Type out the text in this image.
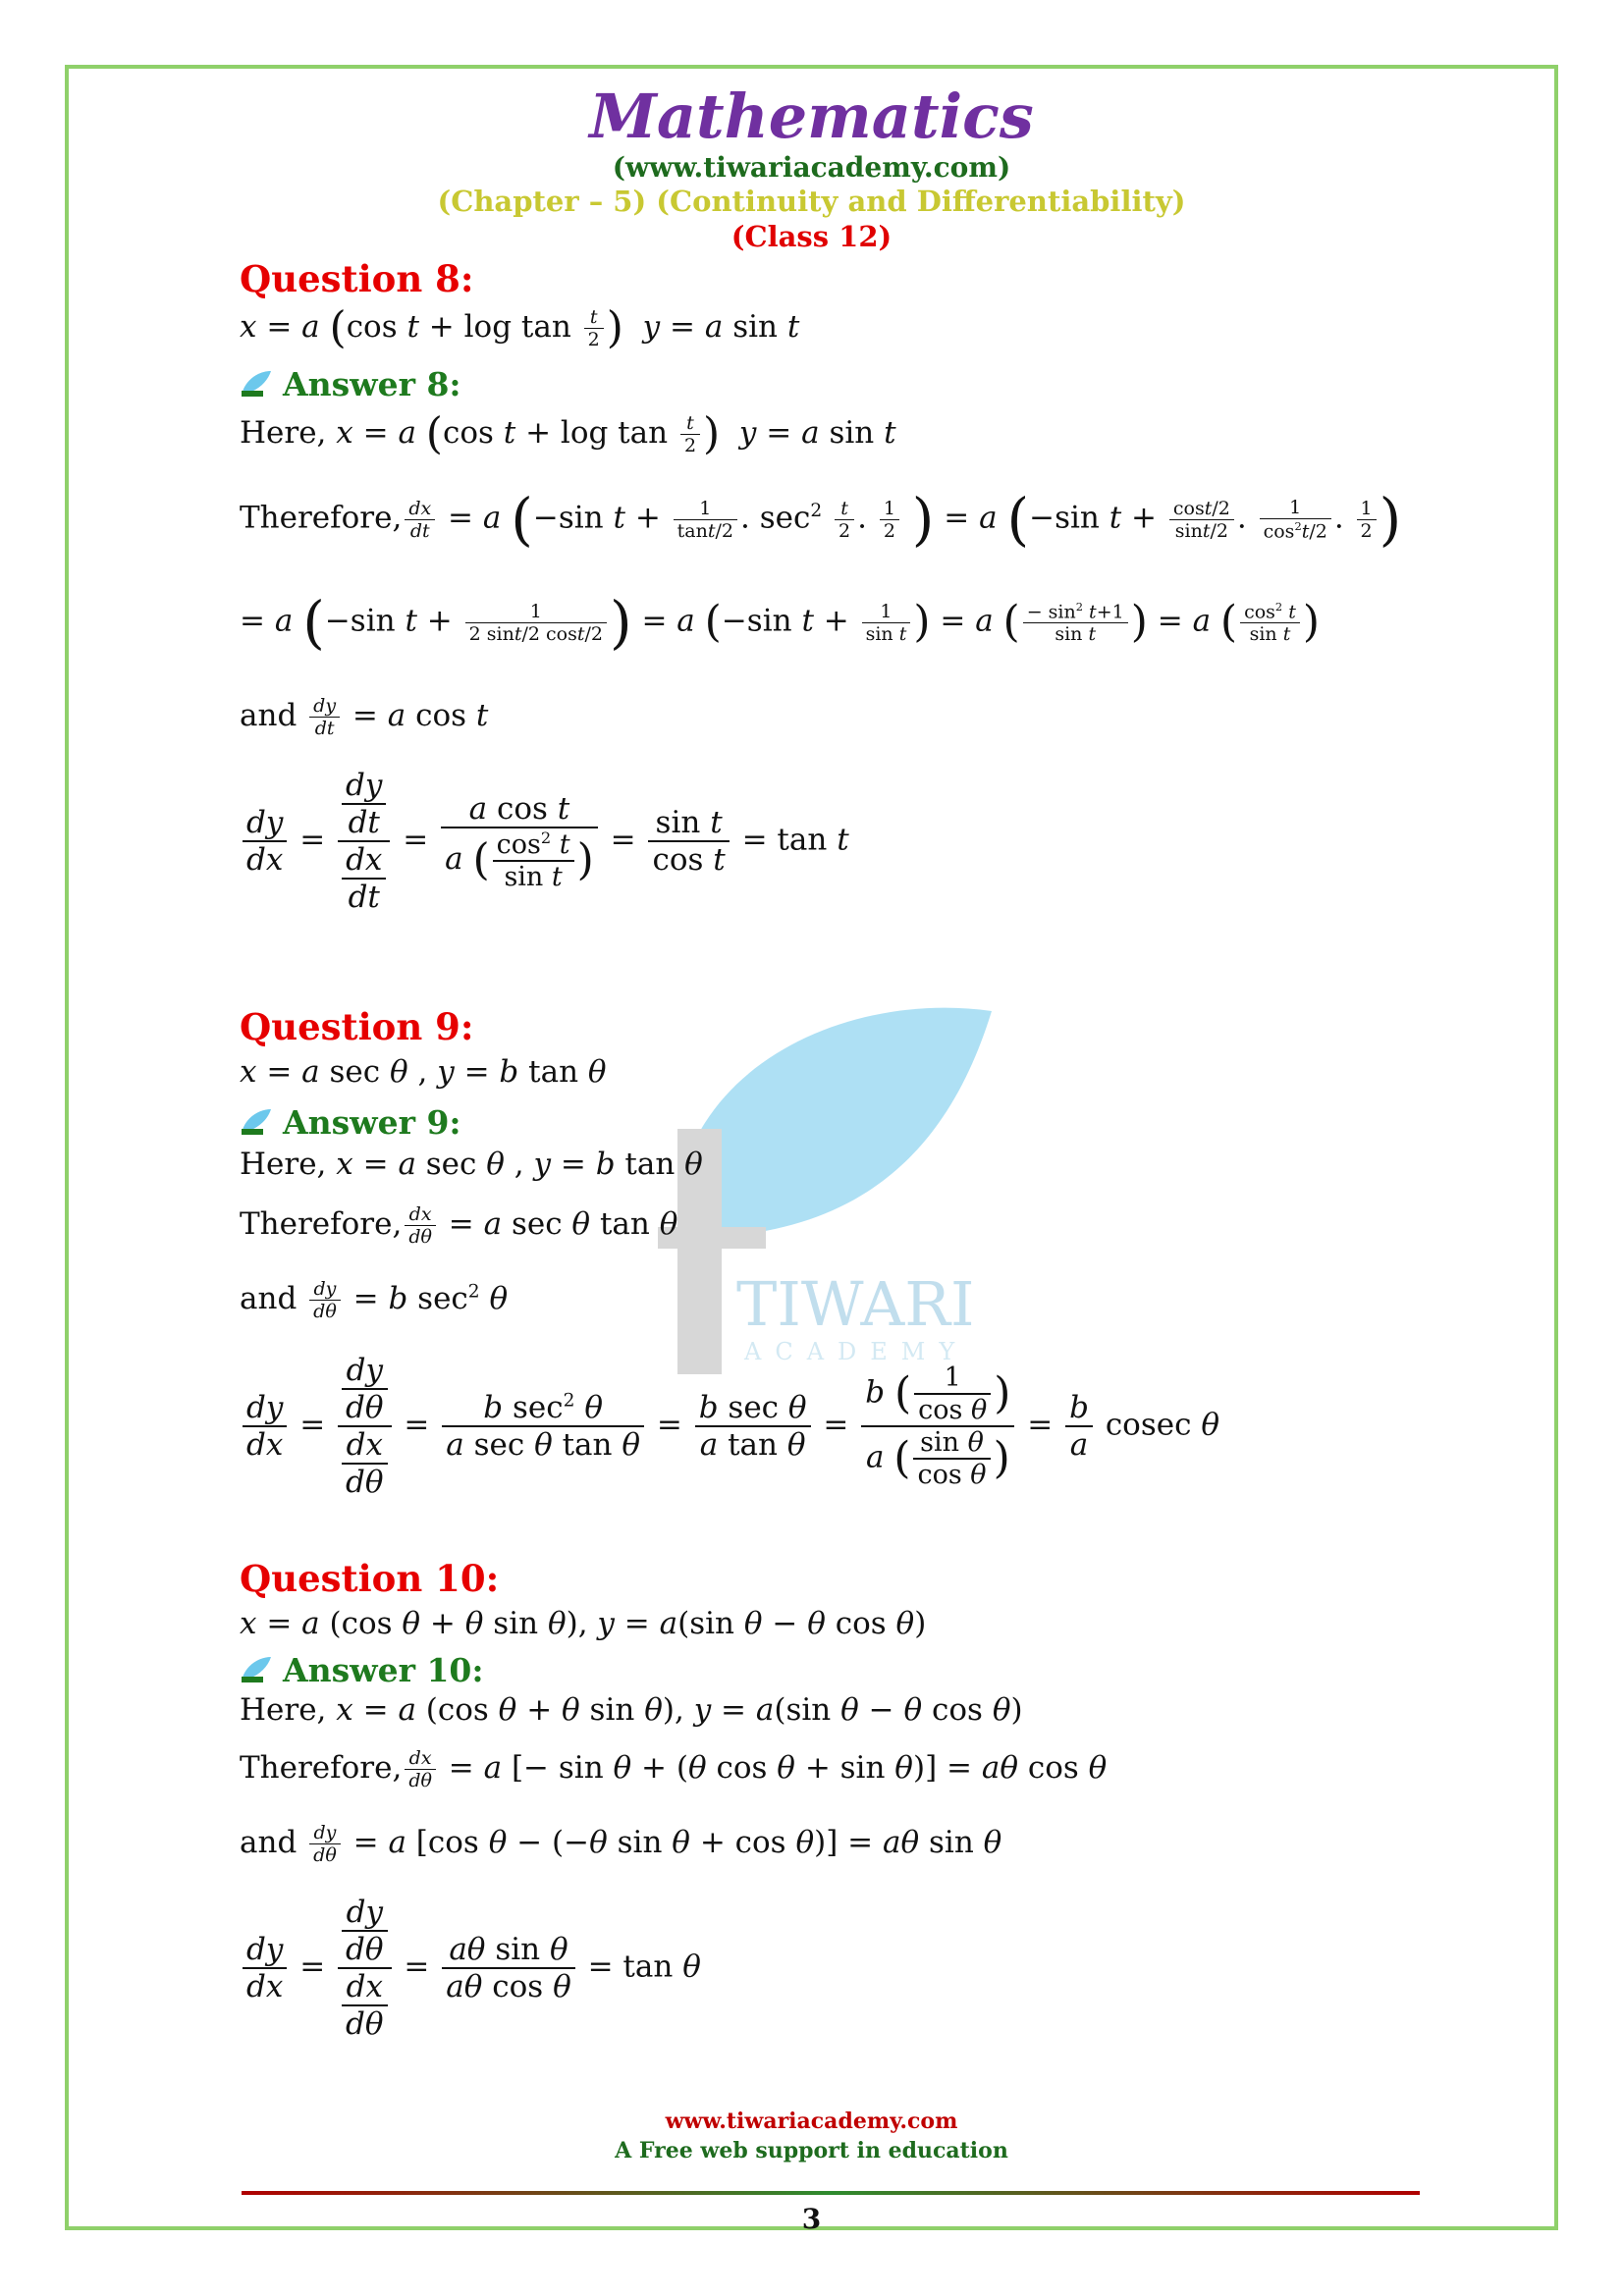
Mathematics
(www.tiwariacademy.com)
(Chapter – 5) (Continuity and Differentiability)
(Class 12)
TIWARI
ACADEMY
Question 8:
x = a (cos $t + \log \tan \frac{t}{2}$ ) y = a sin t
Answer 8:
Here, x = a (cos $t + \log \tan \frac{t}{2}$ ) y = a sin t
Therefore, $\frac{dx}{dt} = a$ (−sin $t + \frac{1}{\tan t/2}$ . $\sec^2 \frac{t}{2}$ . $\frac{1}{2}$ ) = a (−sin $t + \frac{\cos t/2}{\sin t/2}$ . $\frac{1}{\cos^2t/2}$ . $\frac{1}{2}$ )
= a (−sin $t + \frac{1}{2 \sin t/2 \cos t/2}$ ) = a (−sin $t + \frac{1}{\text{sin t}}$ ) = a ( $\frac{- \sin^2 t+1}{\text{sin t}}$ ) = a ( $\frac{\cos^2 t}{\text{sin t}}$ )
and $\frac{dy}{dt} = a$ cos t
$\frac{dy}{dx} = \frac{\frac{dy}{dt}}{\frac{dx}{dt}} = \frac{\text{a cos t}}{a ( \frac{\cos^2 t}{\text{sin t}} )} = \frac{\text{sin t}}{\text{cos t}} = \tan t$
Question 9:
x = a sec θ , y = b tan θ
Answer 9:
Here, x = a sec θ , y = b tan θ
Therefore, $\frac{dx}{d\theta} = a$ sec θ tan θ
and $\frac{dy}{d\theta} = b$ $\sec^2 \theta$
$\frac{dy}{dx} = \frac{\frac{dy}{d\theta}}{\frac{dx}{d\theta}} = \frac{b \sec^2 \theta}{\text{a sec θ tan θ}} = \frac{\text{b sec θ}}{\text{a tan θ}} = \frac{b ( \frac{1}{\text{cos θ}} )}{a ( \frac{\text{sin θ}}{\text{cos θ}} )} = \frac{b}{a}$ cosec θ
Question 10:
x = a (cos θ + θ sin θ), y = a(sin θ − θ cos θ)
Answer 10:
Here, x = a (cos θ + θ sin θ), y = a(sin θ − θ cos θ)
Therefore, $\frac{dx}{d\theta} = a$ [− sin θ + (θ cos θ + sin θ)] = aθ cos θ
and $\frac{dy}{d\theta} = a$ [cos θ − (−θ sin θ + cos θ)] = aθ sin θ
$\frac{dy}{dx} = \frac{\frac{dy}{d\theta}}{\frac{dx}{d\theta}} = \frac{\text{aθ sin θ}}{\text{aθ cos θ}} = \tan \theta$
www.tiwariacademy.com
A Free web support in education
3
